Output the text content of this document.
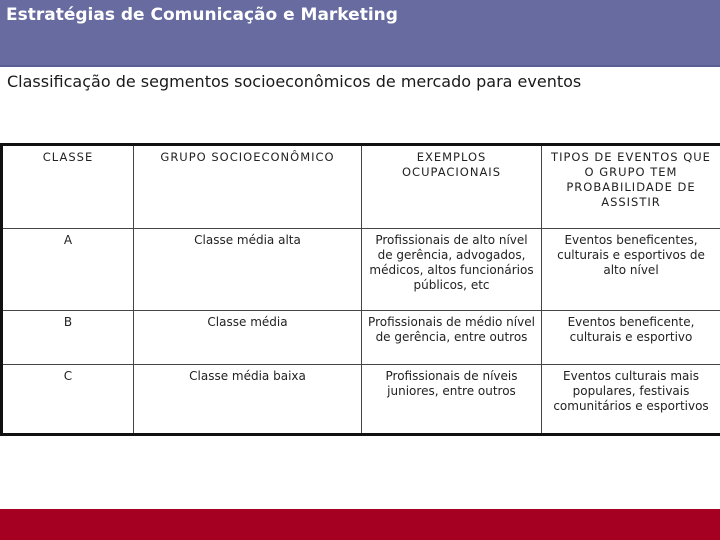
Estratégias de Comunicação e Marketing
Classificação de segmentos socioeconômicos de mercado para eventos
CLASSE	GRUPO SOCIOECONÔMICO	EXEMPLOS OCUPACIONAIS	TIPOS DE EVENTOS QUE O GRUPO TEM PROBABILIDADE DE ASSISTIR
A	Classe média alta	Profissionais de alto nível de gerência, advogados, médicos, altos funcionários públicos, etc	Eventos beneficentes, culturais e esportivos de alto nível
B	Classe média	Profissionais de médio nível de gerência, entre outros	Eventos beneficente, culturais e esportivo
C	Classe média baixa	Profissionais de níveis juniores, entre outros	Eventos culturais mais populares, festivais comunitários e esportivos
